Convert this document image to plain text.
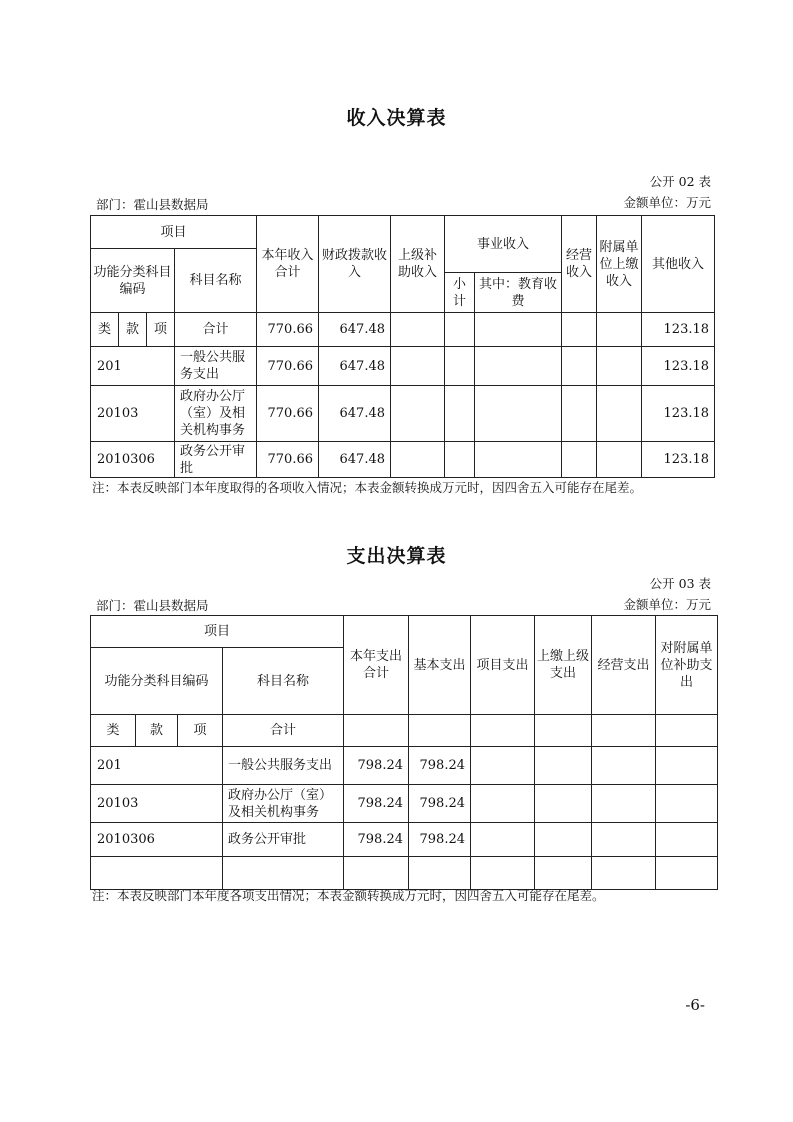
收入决算表
公开 02 表
部门：霍山县数据局	金额单位：万元
项目				本年收入合计	财政拨款收入	上级补助收入	事业收入		经营收入	附属单位上缴收入	其他收入
功能分类科目编码			科目名称								
							小计	其中：教育收费			
类	款	项	合计	770.66	647.48						123.18
201			一般公共服务支出	770.66	647.48						123.18
20103			政府办公厅（室）及相关机构事务	770.66	647.48						123.18
2010306			政务公开审批	770.66	647.48						123.18
注：本表反映部门本年度取得的各项收入情况；本表金额转换成万元时，因四舍五入可能存在尾差。
支出决算表
公开 03 表
部门：霍山县数据局	金额单位：万元
项目				本年支出合计	基本支出	项目支出	上缴上级支出	经营支出	对附属单位补助支出
功能分类科目编码			科目名称						
类	款	项	合计						
201			一般公共服务支出	798.24	798.24				
20103			政府办公厅（室）及相关机构事务	798.24	798.24				
2010306			政务公开审批	798.24	798.24				

注：本表反映部门本年度各项支出情况；本表金额转换成万元时，因四舍五入可能存在尾差。
-6-
